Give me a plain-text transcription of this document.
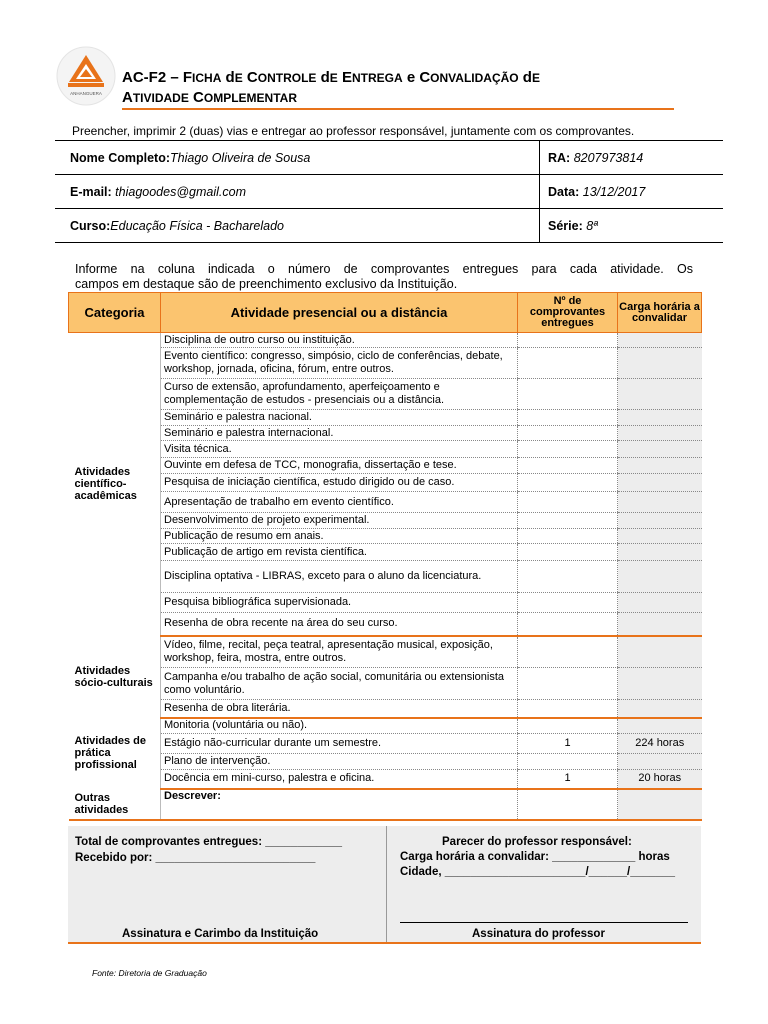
ANHANGUERA
AC-F2 – FICHA dE CONTROLE dE ENTREGA e CONVALIDAÇÃO dE
ATIVIDADE COMPLEMENTAR
Preencher, imprimir 2 (duas) vias e entregar ao professor responsável, juntamente com os comprovantes.
Nome Completo:Thiago Oliveira de Sousa	RA: 8207973814
E-mail: thiagoodes@gmail.com	Data: 13/12/2017
Curso:Educação Física - Bacharelado	Série: 8ª
Informe na coluna indicada o número de comprovantes entregues para cada atividade. Os
campos em destaque são de preenchimento exclusivo da Instituição.
Categoria	Atividade presencial ou a distância	Nº de comprovantes entregues	Carga horária a convalidar
Atividades científico-acadêmicas	Disciplina de outro curso ou instituição.		
	Evento científico: congresso, simpósio, ciclo de conferências, debate, workshop, jornada, oficina, fórum, entre outros.		
	Curso de extensão, aprofundamento, aperfeiçoamento e complementação de estudos - presenciais ou a distância.		
	Seminário e palestra nacional.		
	Seminário e palestra internacional.		
	Visita técnica.		
	Ouvinte em defesa de TCC, monografia, dissertação e tese.		
	Pesquisa de iniciação científica, estudo dirigido ou de caso.		
	Apresentação de trabalho em evento científico.		
	Desenvolvimento de projeto experimental.		
	Publicação de resumo em anais.		
	Publicação de artigo em revista científica.		
	Disciplina optativa - LIBRAS, exceto para o aluno da licenciatura.		
	Pesquisa bibliográfica supervisionada.		
	Resenha de obra recente na área do seu curso.		
Atividades sócio-culturais	Vídeo, filme, recital, peça teatral, apresentação musical, exposição, workshop, feira, mostra, entre outros.		
	Campanha e/ou trabalho de ação social, comunitária ou extensionista como voluntário.		
	Resenha de obra literária.		
Atividades de prática profissional	Monitoria (voluntária ou não).		
	Estágio não-curricular durante um semestre.	1	224 horas
	Plano de intervenção.		
	Docência em mini-curso, palestra e oficina.	1	20 horas
Outras atividades	Descrever:		
Total de comprovantes entregues: ____________
Recebido por: _________________________
Assinatura e Carimbo da Instituição
Parecer do professor responsável:
Carga horária a convalidar: _____________ horas
Cidade, ______________________/______/_______
Assinatura do professor
Fonte: Diretoria de Graduação
